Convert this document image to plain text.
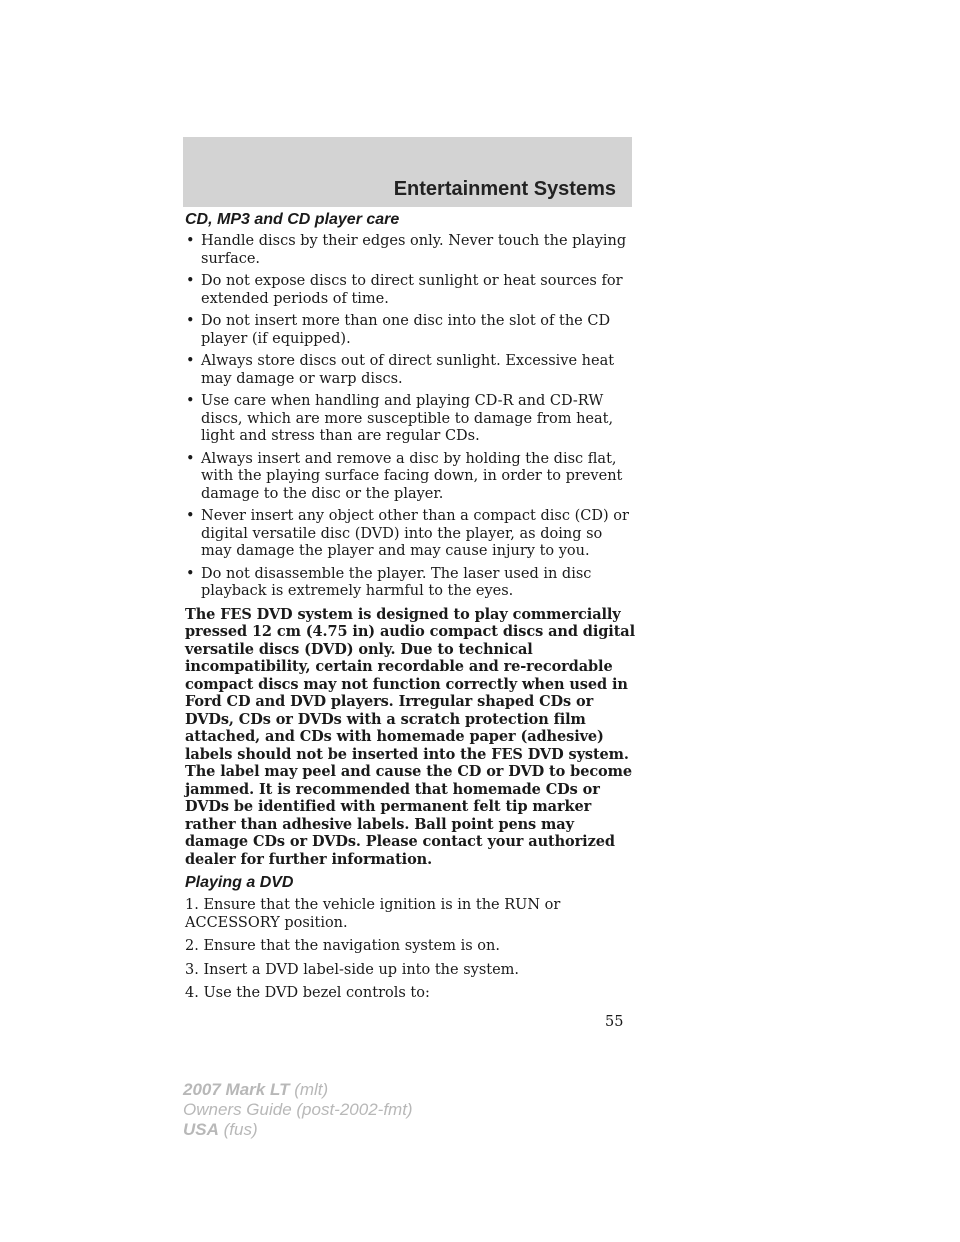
Entertainment Systems
CD, MP3 and CD player care
• Handle discs by their edges only. Never touch the playing surface.
• Do not expose discs to direct sunlight or heat sources for extended periods of time.
• Do not insert more than one disc into the slot of the CD player (if equipped).
• Always store discs out of direct sunlight. Excessive heat may damage or warp discs.
• Use care when handling and playing CD-R and CD-RW discs, which are more susceptible to damage from heat, light and stress than are regular CDs.
• Always insert and remove a disc by holding the disc flat, with the playing surface facing down, in order to prevent damage to the disc or the player.
• Never insert any object other than a compact disc (CD) or digital versatile disc (DVD) into the player, as doing so may damage the player and may cause injury to you.
• Do not disassemble the player. The laser used in disc playback is extremely harmful to the eyes.

The FES DVD system is designed to play commercially pressed 12 cm (4.75 in) audio compact discs and digital versatile discs (DVD) only. Due to technical incompatibility, certain recordable and re-recordable compact discs may not function correctly when used in Ford CD and DVD players. Irregular shaped CDs or DVDs, CDs or DVDs with a scratch protection film attached, and CDs with homemade paper (adhesive) labels should not be inserted into the FES DVD system. The label may peel and cause the CD or DVD to become jammed. It is recommended that homemade CDs or DVDs be identified with permanent felt tip marker rather than adhesive labels. Ball point pens may damage CDs or DVDs. Please contact your authorized dealer for further information.

Playing a DVD

1. Ensure that the vehicle ignition is in the RUN or ACCESSORY position.

2. Ensure that the navigation system is on.

3. Insert a DVD label-side up into the system.

4. Use the DVD bezel controls to:

55
2007 Mark LT (mlt)
Owners Guide (post-2002-fmt)
USA (fus)
